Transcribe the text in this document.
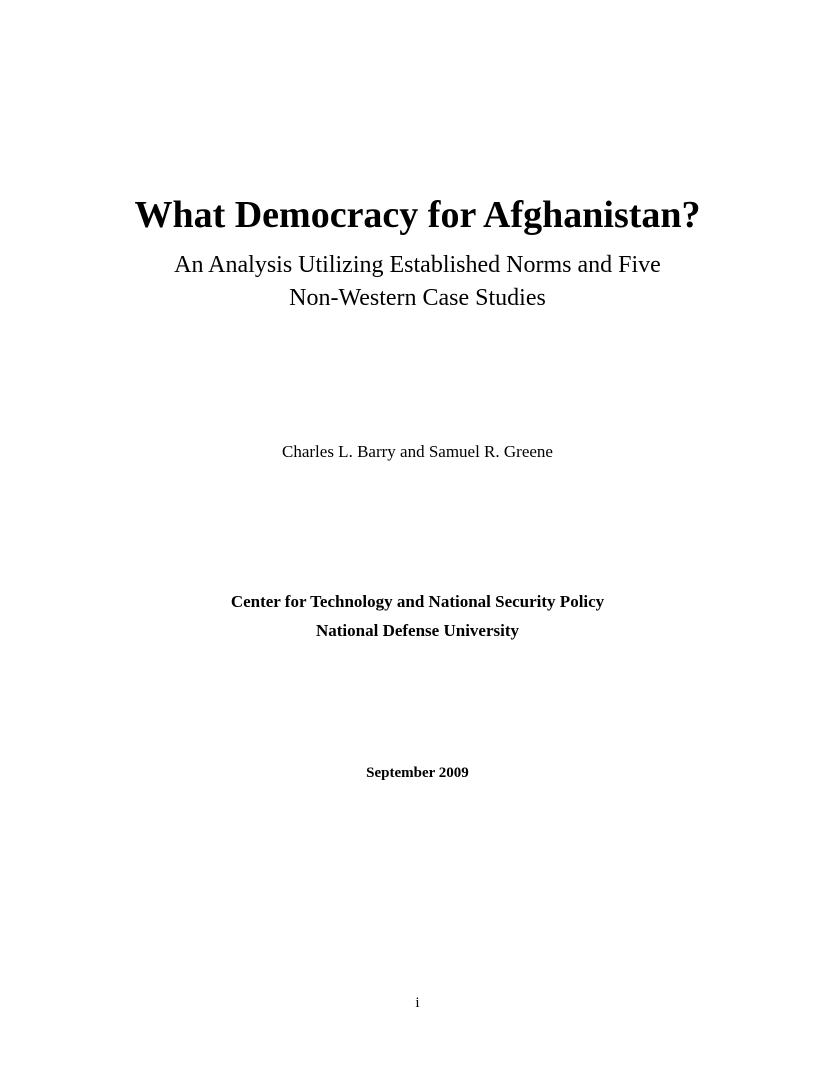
What Democracy for Afghanistan?
An Analysis Utilizing Established Norms and Five
Non-Western Case Studies
Charles L. Barry and Samuel R. Greene
Center for Technology and National Security Policy
National Defense University
September 2009
i
